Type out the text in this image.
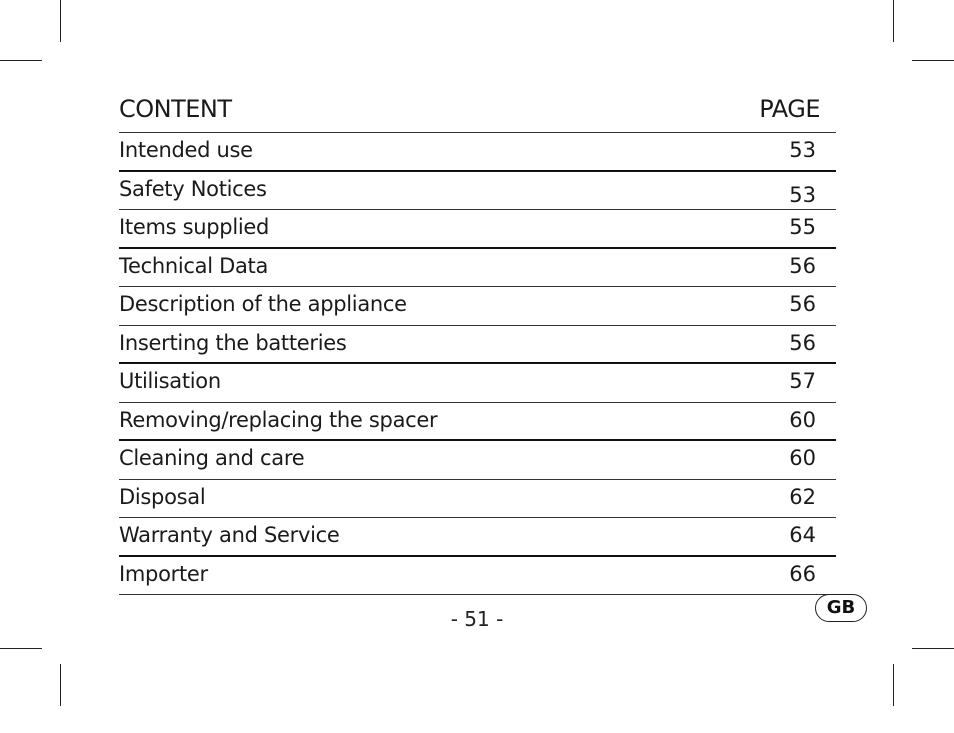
CONTENT	PAGE
Intended use	53
Safety Notices	53
Items supplied	55
Technical Data	56
Description of the appliance	56
Inserting the batteries	56
Utilisation	57
Removing/replacing the spacer	60
Cleaning and care	60
Disposal	62
Warranty and Service	64
Importer	66
- 51 -	GB
